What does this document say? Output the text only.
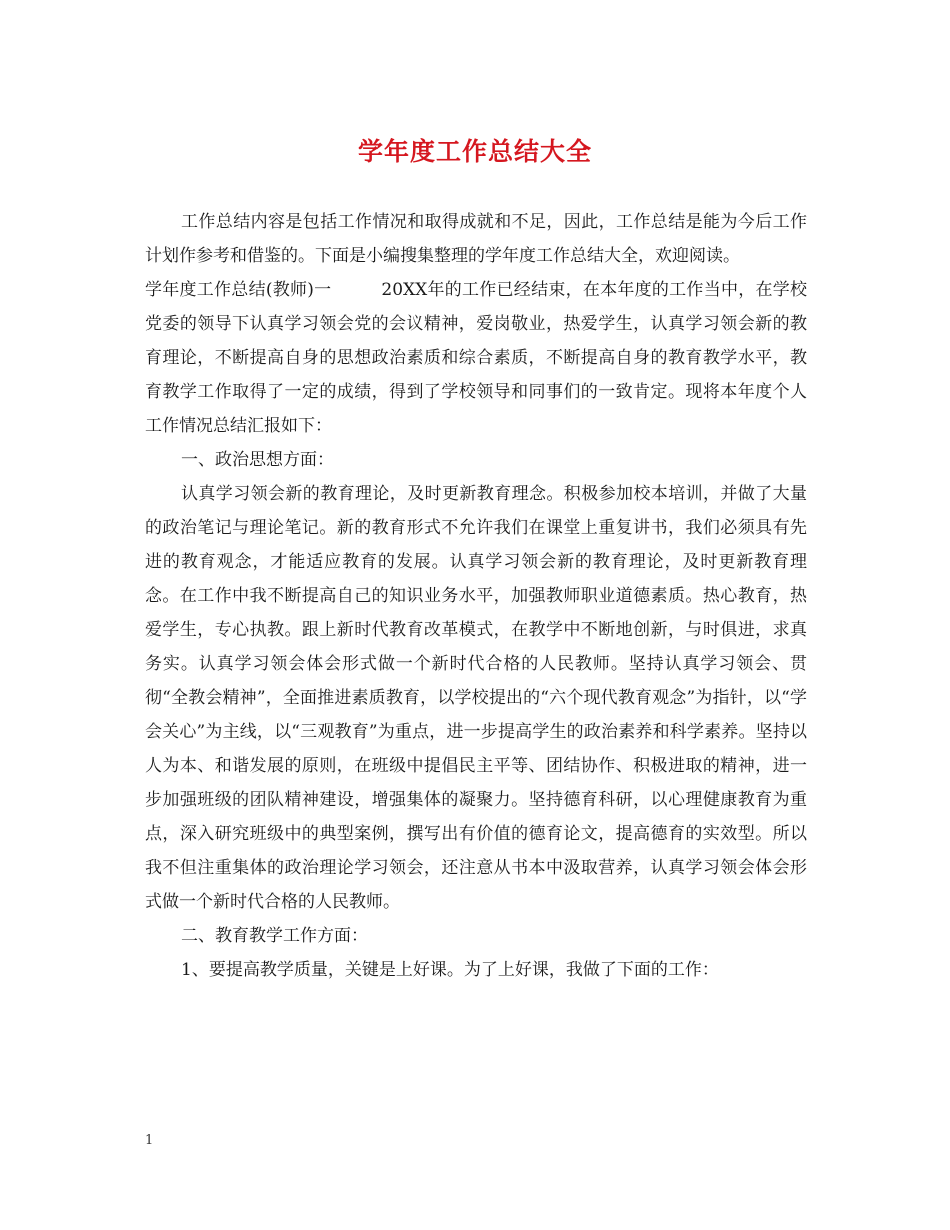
学年度工作总结大全

工作总结内容是包括工作情况和取得成就和不足，因此，工作总结是能为今后工作计划作参考和借鉴的。下面是小编搜集整理的学年度工作总结大全，欢迎阅读。

学年度工作总结(教师)一	20XX年的工作已经结束，在本年度的工作当中，在学校党委的领导下认真学习领会党的会议精神，爱岗敬业，热爱学生，认真学习领会新的教育理论，不断提高自身的思想政治素质和综合素质，不断提高自身的教育教学水平，教育教学工作取得了一定的成绩，得到了学校领导和同事们的一致肯定。现将本年度个人工作情况总结汇报如下：

一、政治思想方面：

认真学习领会新的教育理论，及时更新教育理念。积极参加校本培训，并做了大量的政治笔记与理论笔记。新的教育形式不允许我们在课堂上重复讲书，我们必须具有先进的教育观念，才能适应教育的发展。认真学习领会新的教育理论，及时更新教育理念。在工作中我不断提高自己的知识业务水平，加强教师职业道德素质。热心教育，热爱学生，专心执教。跟上新时代教育改革模式，在教学中不断地创新，与时俱进，求真务实。认真学习领会体会形式做一个新时代合格的人民教师。坚持认真学习领会、贯彻“全教会精神”，全面推进素质教育，以学校提出的“六个现代教育观念”为指针，以“学会关心”为主线，以“三观教育”为重点，进一步提高学生的政治素养和科学素养。坚持以人为本、和谐发展的原则，在班级中提倡民主平等、团结协作、积极进取的精神，进一步加强班级的团队精神建设，增强集体的凝聚力。坚持德育科研，以心理健康教育为重点，深入研究班级中的典型案例，撰写出有价值的德育论文，提高德育的实效型。所以我不但注重集体的政治理论学习领会，还注意从书本中汲取营养，认真学习领会体会形式做一个新时代合格的人民教师。

二、教育教学工作方面：

1、要提高教学质量，关键是上好课。为了上好课，我做了下面的工作：

1
